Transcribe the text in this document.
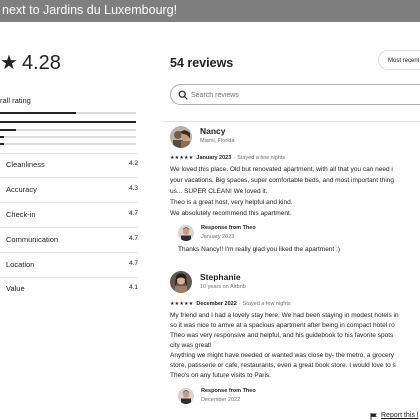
next to Jardins du Luxembourg!
★ 4.28
rall rating
Cleanliness	4.2
Accuracy	4.3
Check-in	4.7
Communication	4.7
Location	4.7
Value	4.1
54 reviews	Most recent
Search reviews
Nancy
Miami, Florida
★★★★★ January 2023 · Stayed a few nights
We loved this place. Old but renovated apartment, with all that you can need i
your vacations. Big spaces, super comfortable beds, and most important thing
us... SUPER CLEAN! We loved it.
Theo is a great host, very helpful and kind.
We absolutely recommend this apartment.
Response from Theo
January 2023
Thanks Nancy!! I'm really glad you liked the apartment :)
Stephanie
10 years on Airbnb
★★★★★ December 2022 · Stayed a few nights
My friend and I had a lovely stay here. We had been staying in modest hotels in
so it was nice to arrive at a spacious apartment after being in compact hotel ro
Theo was very responsive and helpful, and his guidebook to his favorite spots
city was great!
Anything we might have needed or wanted was close by- the metro, a grocery
store, patisserie or cafe, restaurants, even a great book store. I would love to s
Theo's on any future visits to Paris.
Response from Theo
December 2022
Report this l
